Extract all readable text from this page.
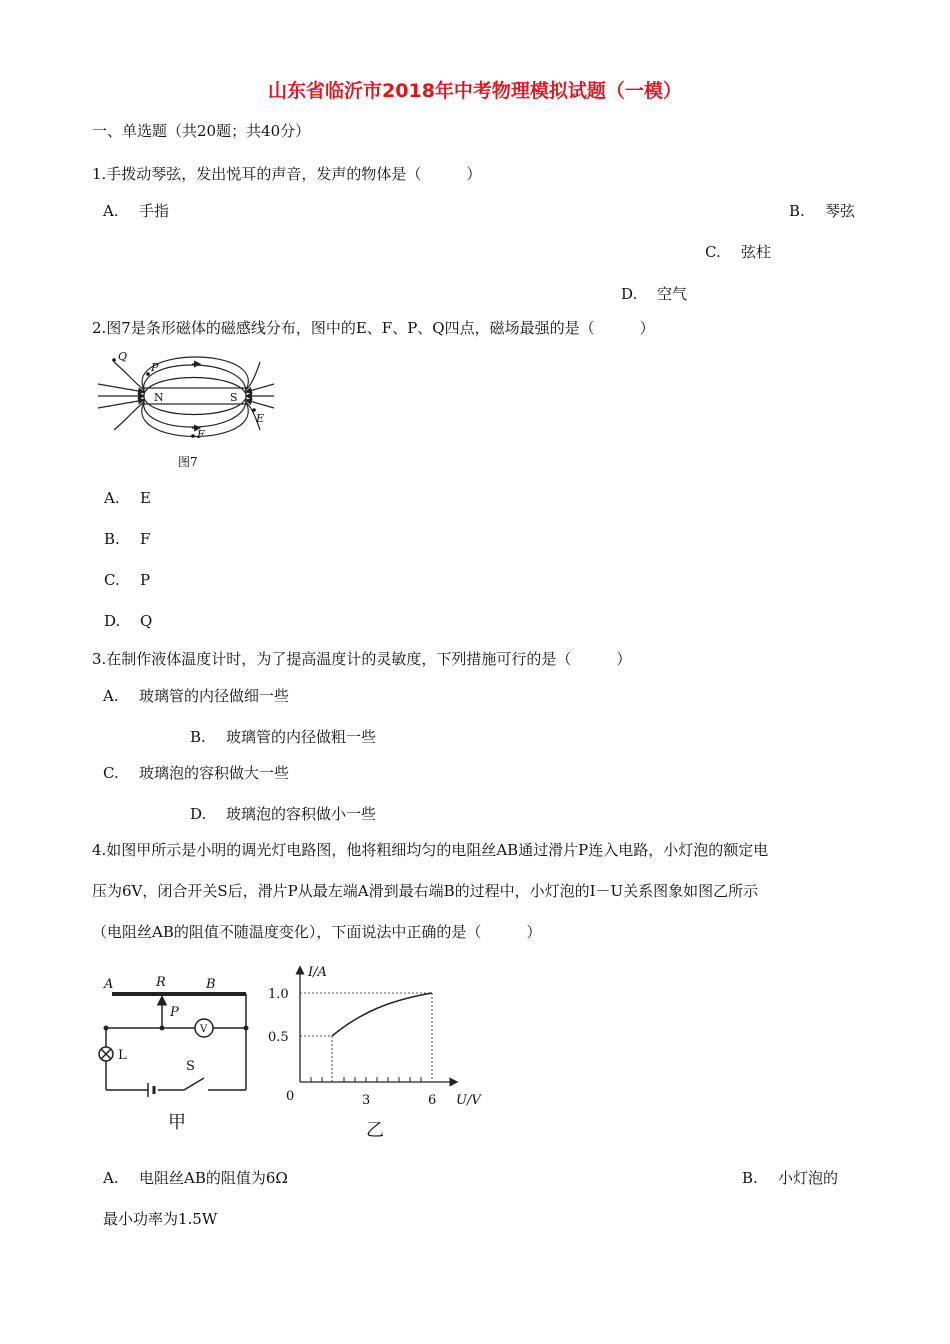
山东省临沂市2018年中考物理模拟试题（一模）
一、单选题（共20题；共40分）
1.手拨动琴弦，发出悦耳的声音，发声的物体是（　　　）
A. 手指	B. 琴弦
C. 弦柱
D. 空气
2.图7是条形磁体的磁感线分布，图中的E、F、P、Q四点，磁场最强的是（　　　）
N	S
Q
P
E
F
图7
A. E
B. F
C. P
D. Q
3.在制作液体温度计时，为了提高温度计的灵敏度，下列措施可行的是（　　　）
A. 玻璃管的内径做细一些
B. 玻璃管的内径做粗一些
C. 玻璃泡的容积做大一些
D. 玻璃泡的容积做小一些
4.如图甲所示是小明的调光灯电路图，他将粗细均匀的电阻丝AB通过滑片P连入电路，小灯泡的额定电
压为6V，闭合开关S后，滑片P从最左端A滑到最右端B的过程中，小灯泡的I－U关系图象如图乙所示
（电阻丝AB的阻值不随温度变化），下面说法中正确的是（　　　）
A	R	B
P
V
L
S
甲
I/A
1.0
0.5
0	3	6 U/V
乙
A. 电阻丝AB的阻值为6Ω	B. 小灯泡的
最小功率为1.5W
